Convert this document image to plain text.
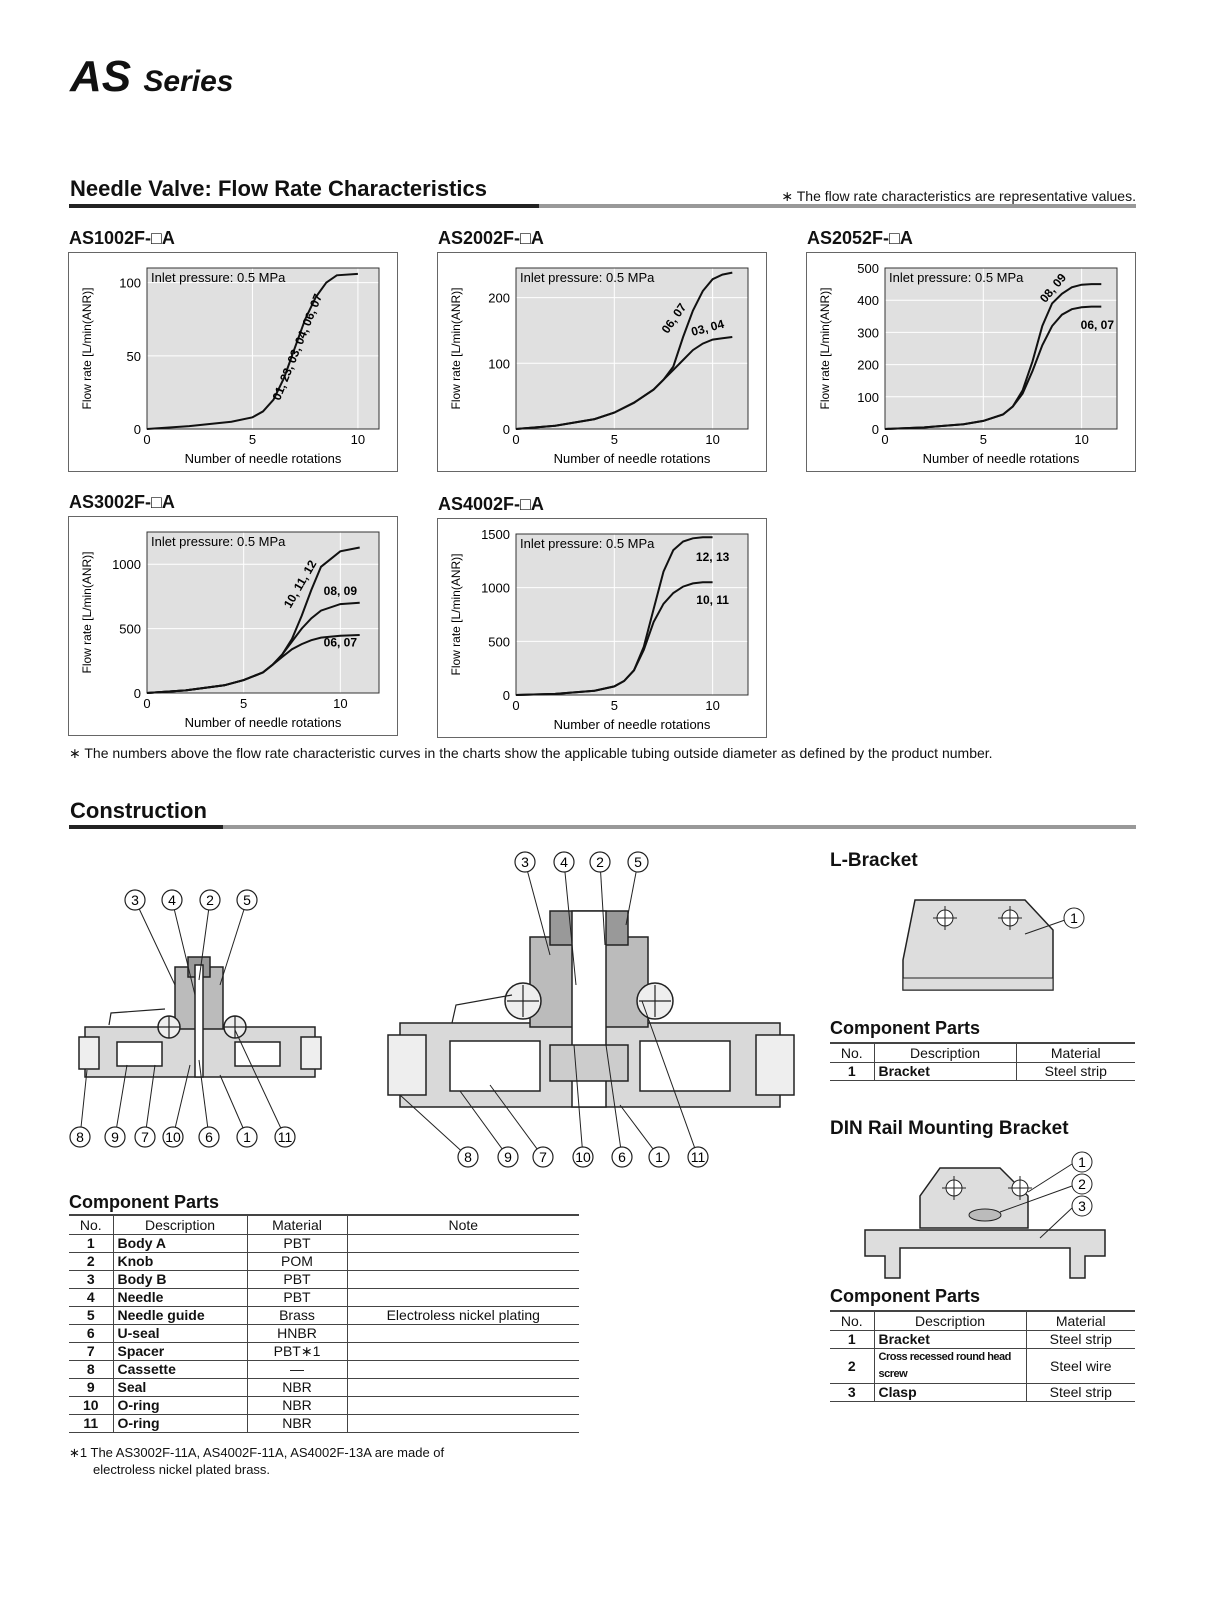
AS Series
Needle Valve: Flow Rate Characteristics	∗ The flow rate characteristics are representative values.
AS1002F-□A	AS2002F-□A	AS2052F-□A
AS3002F-□A	AS4002F-□A
0	5	10
0
50
100 Inlet pressure: 0.5 MPa
Number of needle rotations
Flow rate [L/min(ANR)]	01, 23, 03, 04, 06, 07
0	5	10
0
100
200
Inlet pressure: 0.5 MPa
Number of needle rotations
Flow rate [L/min(ANR)]	06, 07 03, 04
0	5	10
0
100
200
300
400
500
Inlet pressure: 0.5 MPa
Number of needle rotations
Flow rate [L/min(ANR)]	08, 09
06, 07
0	5	10
0
500
1000
Inlet pressure: 0.5 MPa
Number of needle rotations
Flow rate [L/min(ANR)]	10, 11, 12 08, 09
06, 07
0	5	10
0
500
1000
1500
Inlet pressure: 0.5 MPa
Number of needle rotations
Flow rate [L/min(ANR)]	12, 13
10, 11
∗ The numbers above the flow rate characteristic curves in the charts show the applicable tubing outside diameter as defined by the product number.
Construction
3 4 2 5
8 9 7 10 6 1 11
3 4 2 5
8 9 7 10 6 1 11
Component Parts
No.	Description	Material	Note
1	Body A	PBT	
2	Knob	POM	
3	Body B	PBT	
4	Needle	PBT	
5	Needle guide	Brass	Electroless nickel plating
6	U-seal	HNBR	
7	Spacer	PBT∗1	
8	Cassette	—	
9	Seal	NBR	
10	O-ring	NBR	
11	O-ring	NBR	
∗1 The AS3002F-11A, AS4002F-11A, AS4002F-13A are made of
electroless nickel plated brass.
L-Bracket
1
Component Parts
No.	Description	Material
1	Bracket	Steel strip
DIN Rail Mounting Bracket
1
2
3
Component Parts
No.	Description	Material
1	Bracket	Steel strip
2	Cross recessed round head screw	Steel wire
3	Clasp	Steel strip
